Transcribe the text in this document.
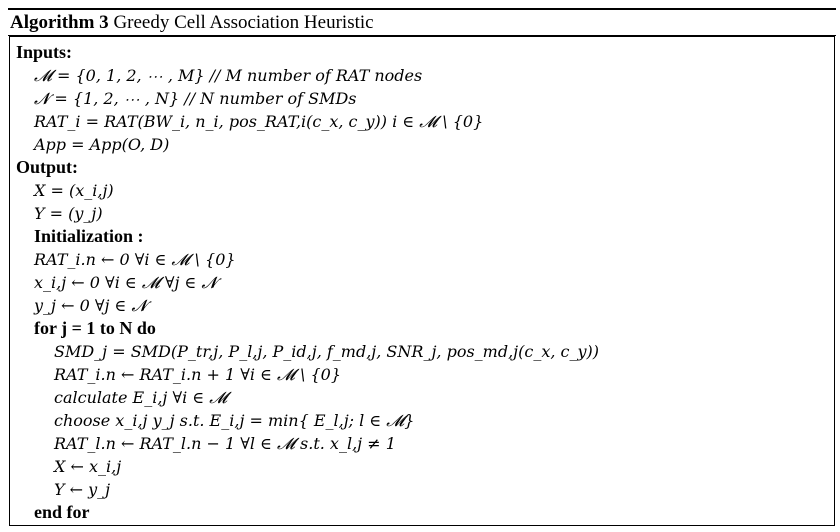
Algorithm 3 Greedy Cell Association Heuristic
Inputs:
𝓜 = {0, 1, 2, ⋯ , M} // M number of RAT nodes
𝓝 = {1, 2, ⋯ , N} // N number of SMDs
RAT_i = RAT(BW_i, n_i, pos_RAT,i(c_x, c_y)) i ∈ 𝓜 \ {0}
App = App(O, D)
Output:
X = (x_i,j)
Y = (y_j)
Initialization :
RAT_i.n ← 0 ∀i ∈ 𝓜 \ {0}
x_i,j ← 0 ∀i ∈ 𝓜 ∀j ∈ 𝓝
y_j ← 0 ∀j ∈ 𝓝
for j = 1 to N do
SMD_j = SMD(P_tr,j, P_l,j, P_id,j, f_md,j, SNR_j, pos_md,j(c_x, c_y))
RAT_i.n ← RAT_i.n + 1 ∀i ∈ 𝓜 \ {0}
calculate E_i,j ∀i ∈ 𝓜
choose x_i,j y_j s.t. E_i,j = min{ E_l,j; l ∈ 𝓜}
RAT_l.n ← RAT_l.n − 1 ∀l ∈ 𝓜 s.t. x_l,j ≠ 1
X ← x_i,j
Y ← y_j
end for
